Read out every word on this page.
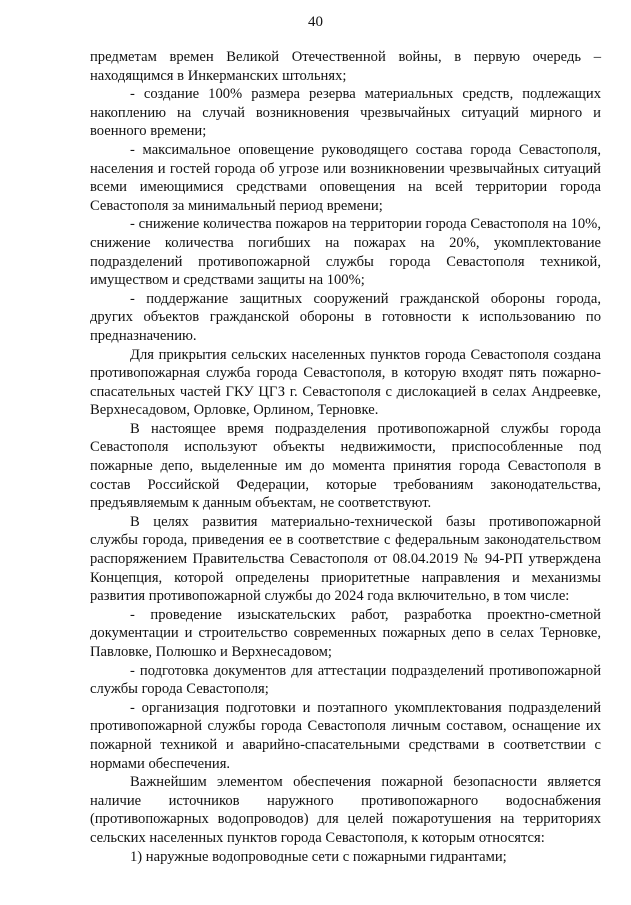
40

предметам времен Великой Отечественной войны, в первую очередь – находящимся в Инкерманских штольнях;

- создание 100% размера резерва материальных средств, подлежащих накоплению на случай возникновения чрезвычайных ситуаций мирного и военного времени;

- максимальное оповещение руководящего состава города Севастополя, населения и гостей города об угрозе или возникновении чрезвычайных ситуаций всеми имеющимися средствами оповещения на всей территории города Севастополя за минимальный период времени;

- снижение количества пожаров на территории города Севастополя на 10%, снижение количества погибших на пожарах на 20%, укомплектование подразделений противопожарной службы города Севастополя техникой, имуществом и средствами защиты на 100%;

- поддержание защитных сооружений гражданской обороны города, других объектов гражданской обороны в готовности к использованию по предназначению.

Для прикрытия сельских населенных пунктов города Севастополя создана противопожарная служба города Севастополя, в которую входят пять пожарно-спасательных частей ГКУ ЦГЗ г. Севастополя с дислокацией в селах Андреевке, Верхнесадовом, Орловке, Орлином, Терновке.

В настоящее время подразделения противопожарной службы города Севастополя используют объекты недвижимости, приспособленные под пожарные депо, выделенные им до момента принятия города Севастополя в состав Российской Федерации, которые требованиям законодательства, предъявляемым к данным объектам, не соответствуют.

В целях развития материально-технической базы противопожарной службы города, приведения ее в соответствие с федеральным законодательством распоряжением Правительства Севастополя от 08.04.2019 № 94-РП утверждена Концепция, которой определены приоритетные направления и механизмы развития противопожарной службы до 2024 года включительно, в том числе:

- проведение изыскательских работ, разработка проектно-сметной документации и строительство современных пожарных депо в селах Терновке, Павловке, Полюшко и Верхнесадовом;

- подготовка документов для аттестации подразделений противопожарной службы города Севастополя;

- организация подготовки и поэтапного укомплектования подразделений противопожарной службы города Севастополя личным составом, оснащение их пожарной техникой и аварийно-спасательными средствами в соответствии с нормами обеспечения.

Важнейшим элементом обеспечения пожарной безопасности является наличие источников наружного противопожарного водоснабжения (противопожарных водопроводов) для целей пожаротушения на территориях сельских населенных пунктов города Севастополя, к которым относятся:

1) наружные водопроводные сети с пожарными гидрантами;
